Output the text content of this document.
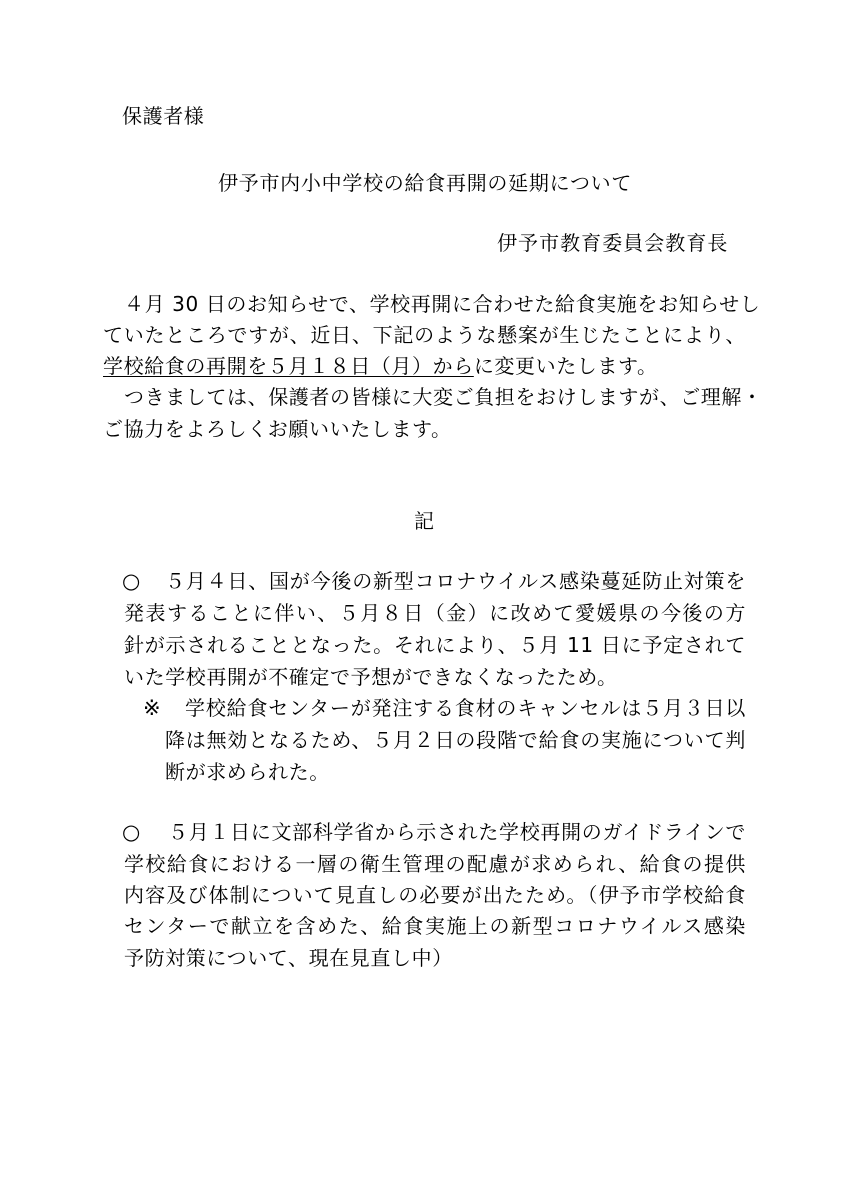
保護者様
伊予市内小中学校の給食再開の延期について
伊予市教育委員会教育長
４月 30 日のお知らせで、学校再開に合わせた給食実施をお知らせし
ていたところですが、近日、下記のような懸案が生じたことにより、
学校給食の再開を５月１８日（月）からに変更いたします。
つきましては、保護者の皆様に大変ご負担をおけしますが、ご理解・
ご協力をよろしくお願いいたします。
記
○ ５月４日、国が今後の新型コロナウイルス感染蔓延防止対策を
発表することに伴い、５月８日（金）に改めて愛媛県の今後の方
針が示されることとなった。それにより、５月 11 日に予定されて
いた学校再開が不確定で予想ができなくなったため。
※ 学校給食センターが発注する食材のキャンセルは５月３日以
降は無効となるため、５月２日の段階で給食の実施について判
断が求められた。
○ ５月１日に文部科学省から示された学校再開のガイドラインで
学校給食における一層の衛生管理の配慮が求められ、給食の提供
内容及び体制について見直しの必要が出たため。（伊予市学校給食
センターで献立を含めた、給食実施上の新型コロナウイルス感染
予防対策について、現在見直し中）
